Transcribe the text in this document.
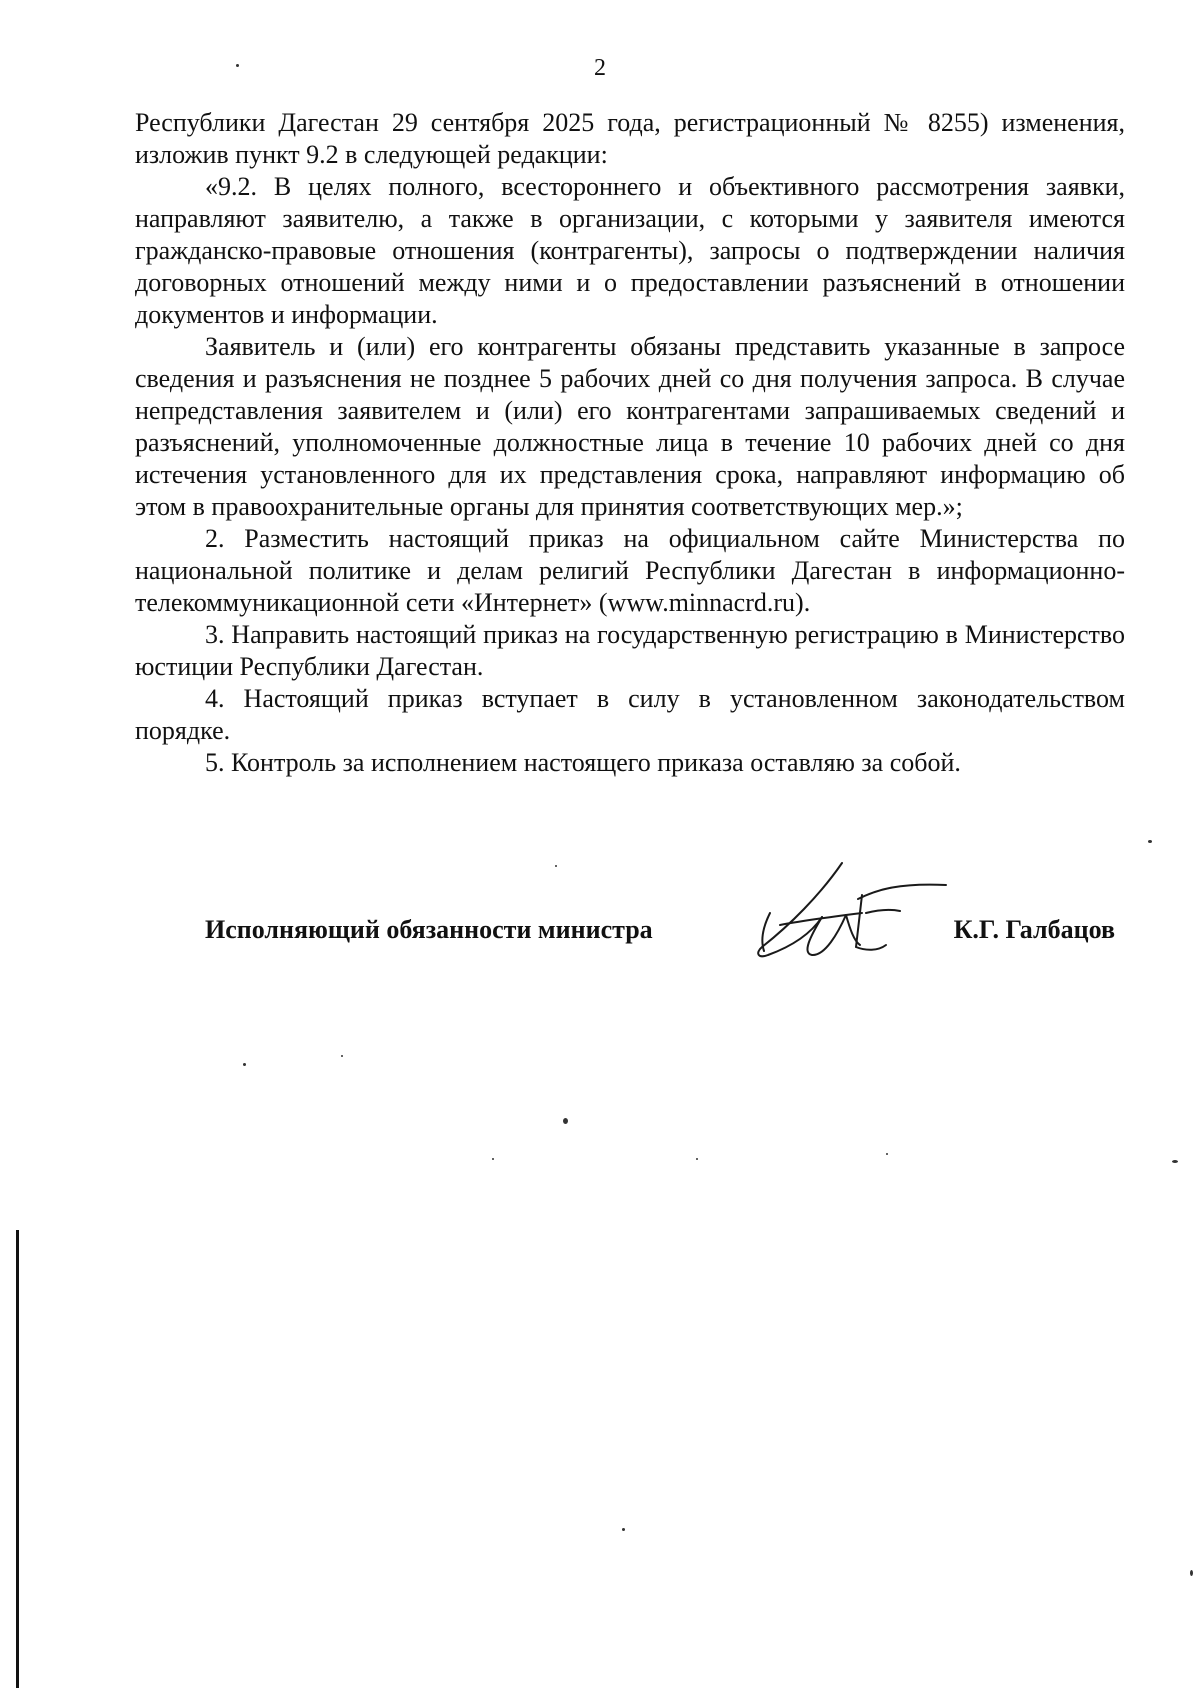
2

Республики Дагестан 29 сентября 2025 года, регистрационный № 8255) изменения, изложив пункт 9.2 в следующей редакции:

«9.2. В целях полного, всестороннего и объективного рассмотрения заявки, направляют заявителю, а также в организации, с которыми у заявителя имеются гражданско-правовые отношения (контрагенты), запросы о подтверждении наличия договорных отношений между ними и о предоставлении разъяснений в отношении документов и информации.

Заявитель и (или) его контрагенты обязаны представить указанные в запросе сведения и разъяснения не позднее 5 рабочих дней со дня получения запроса. В случае непредставления заявителем и (или) его контрагентами запрашиваемых сведений и разъяснений, уполномоченные должностные лица в течение 10 рабочих дней со дня истечения установленного для их представления срока, направляют информацию об этом в правоохранительные органы для принятия соответствующих мер.»;

2. Разместить настоящий приказ на официальном сайте Министерства по национальной политике и делам религий Республики Дагестан в информационно-телекоммуникационной сети «Интернет» (www.minnacrd.ru).

3. Направить настоящий приказ на государственную регистрацию в Министерство юстиции Республики Дагестан.

4. Настоящий приказ вступает в силу в установленном законодательством порядке.

5. Контроль за исполнением настоящего приказа оставляю за собой.

Исполняющий обязанности министра	К.Г. Галбацов
